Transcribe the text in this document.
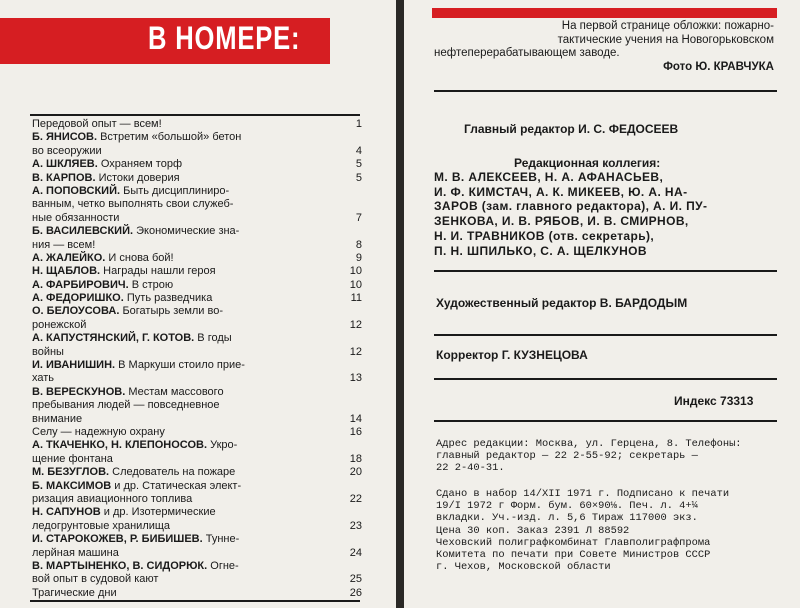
В НОМЕРЕ:
Передовой опыт — всем!	1
Б. ЯНИСОВ. Встретим «большой» бетон
во всеоружии	4
А. ШКЛЯЕВ. Охраняем торф	5
В. КАРПОВ. Истоки доверия	5
А. ПОПОВСКИЙ. Быть дисциплиниро-
ванным, четко выполнять свои служеб-
ные обязанности	7
Б. ВАСИЛЕВСКИЙ. Экономические зна-
ния — всем!	8
А. ЖАЛЕЙКО. И снова бой!	9
Н. ЩАБЛОВ. Награды нашли героя	10
А. ФАРБИРОВИЧ. В строю	10
А. ФЕДОРИШКО. Путь разведчика	11
О. БЕЛОУСОВА. Богатырь земли во-
ронежской	12
А. КАПУСТЯНСКИЙ, Г. КОТОВ. В годы
войны	12
И. ИВАНИШИН. В Маркуши стоило прие-
хать	13
В. ВЕРЕСКУНОВ. Местам массового
пребывания людей — повседневное
внимание	14
Селу — надежную охрану	16
А. ТКАЧЕНКО, Н. КЛЕПОНОСОВ. Укро-
щение фонтана	18
М. БЕЗУГЛОВ. Следователь на пожаре	20
Б. МАКСИМОВ и др. Статическая элект-
ризация авиационного топлива	22
Н. САПУНОВ и др. Изотермические
ледогрунтовые хранилища	23
И. СТАРОКОЖЕВ, Р. БИБИШЕВ. Тунне-
лерйная машина	24
В. МАРТЫНЕНКО, В. СИДОРЮК. Огне-
вой опыт в судовой кают	25
Трагические дни	26
На первой странице обложки: пожарно-
тактические учения на Новогорьковском
нефтеперерабатывающем заводе.
Фото Ю. КРАВЧУКА
Главный редактор И. С. ФЕДОСЕЕВ
Редакционная коллегия:
М. В. АЛЕКСЕЕВ, Н. А. АФАНАСЬЕВ,
И. Ф. КИМСТАЧ, А. К. МИКЕЕВ, Ю. А. НА-
ЗАРОВ (зам. главного редактора), А. И. ПУ-
ЗЕНКОВА, И. В. РЯБОВ, И. В. СМИРНОВ,
Н. И. ТРАВНИКОВ (отв. секретарь),
П. Н. ШПИЛЬКО, С. А. ЩЕЛКУНОВ
Художественный редактор В. БАРДОДЫМ
Корректор Г. КУЗНЕЦОВА
Индекс 73313
Адрес редакции: Москва, ул. Герцена, 8. Телефоны:
главный редактор — 22 2-55-92; секретарь —
22 2-40-31.
Сдано в набор 14/XII 1971 г. Подписано к печати
19/I 1972 г Форм. бум. 60×90⅛. Печ. л. 4+¼
вкладки. Уч.-изд. л. 5,6 Тираж 117000 экз.
Цена 30 коп. Заказ 2391 Л 88592
Чеховский полиграфкомбинат Главполиграфпрома
Комитета по печати при Совете Министров СССР
г. Чехов, Московской области
